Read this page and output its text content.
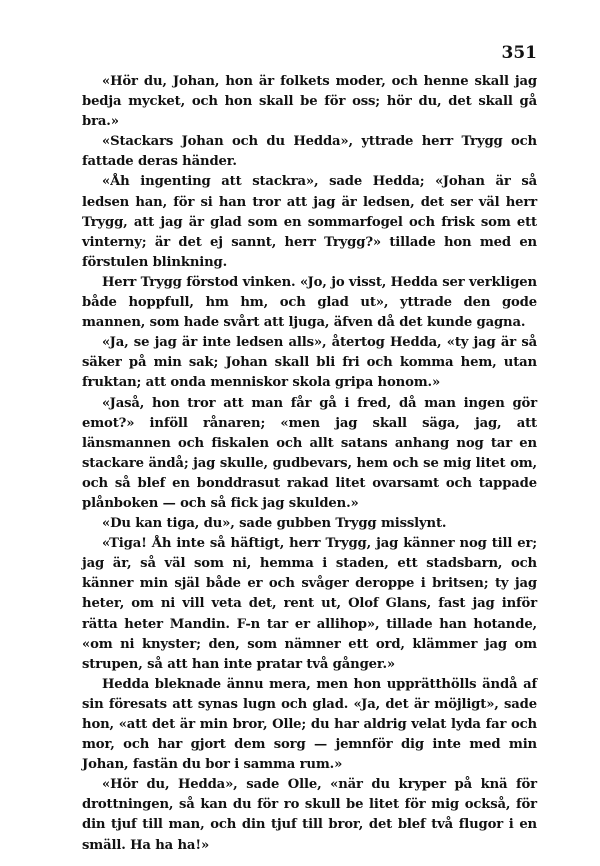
351

«Hör du, Johan, hon är folkets moder, och henne skall jag bedja mycket, och hon skall be för oss; hör du, det skall gå bra.»

«Stackars Johan och du Hedda», yttrade herr Trygg och fattade deras händer.

«Åh ingenting att stackra», sade Hedda; «Johan är så ledsen han, för si han tror att jag är ledsen, det ser väl herr Trygg, att jag är glad som en sommarfogel och frisk som ett vinterny; är det ej sannt, herr Trygg?» tillade hon med en förstulen blinkning.

Herr Trygg förstod vinken. «Jo, jo visst, Hedda ser verkligen både hoppfull, hm hm, och glad ut», yttrade den gode mannen, som hade svårt att ljuga, äfven då det kunde gagna.

«Ja, se jag är inte ledsen alls», återtog Hedda, «ty jag är så säker på min sak; Johan skall bli fri och komma hem, utan fruktan; att onda menniskor skola gripa honom.»

«Jaså, hon tror att man får gå i fred, då man ingen gör emot?» inföll rånaren; «men jag skall säga, jag, att länsmannen och fiskalen och allt satans anhang nog tar en stackare ändå; jag skulle, gudbevars, hem och se mig litet om, och så blef en bonddrasut rakad litet ovarsamt och tappade plånboken — och så fick jag skulden.»

«Du kan tiga, du», sade gubben Trygg misslynt.

«Tiga! Åh inte så häftigt, herr Trygg, jag känner nog till er; jag är, så väl som ni, hemma i staden, ett stadsbarn, och känner min själ både er och svåger deroppe i britsen; ty jag heter, om ni vill veta det, rent ut, Olof Glans, fast jag inför rätta heter Mandin. F-n tar er allihop», tillade han hotande, «om ni knyster; den, som nämner ett ord, klämmer jag om strupen, så att han inte pratar två gånger.»

Hedda bleknade ännu mera, men hon upprätthölls ändå af sin föresats att synas lugn och glad. «Ja, det är möjligt», sade hon, «att det är min bror, Olle; du har aldrig velat lyda far och mor, och har gjort dem sorg — jemnför dig inte med min Johan, fastän du bor i samma rum.»

«Hör du, Hedda», sade Olle, «när du kryper på knä för drottningen, så kan du för ro skull be litet för mig också, för din tjuf till man, och din tjuf till bror, det blef två flugor i en smäll. Ha ha ha!»
